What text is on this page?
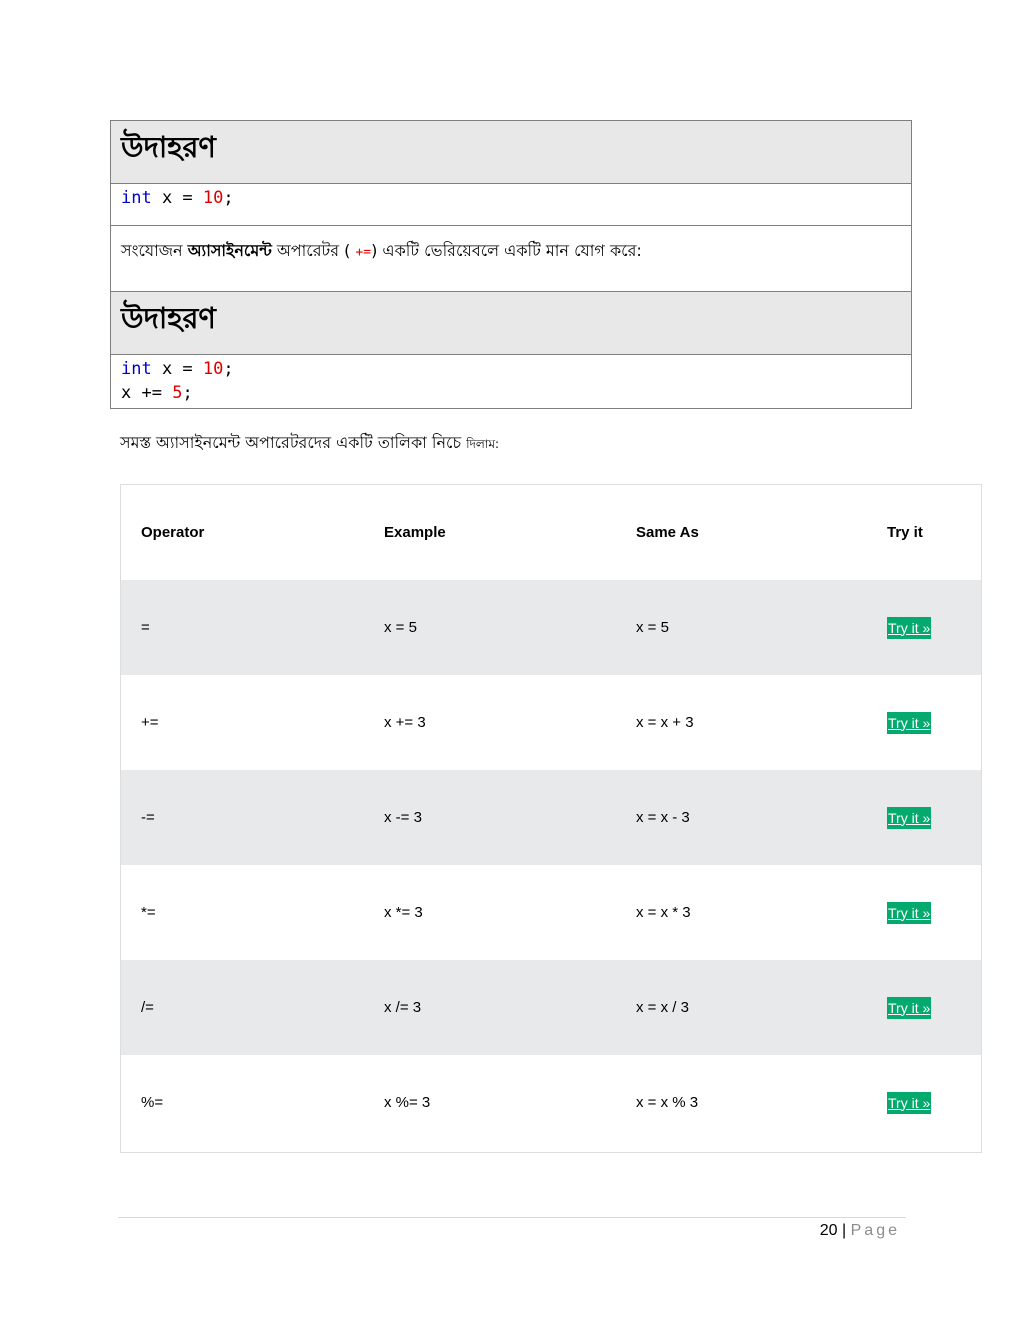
উদাহরণ
int x = 10;
সংযোজন অ্যাসাইনমেন্ট অপারেটর ( +=) একটি ভেরিয়েবলে একটি মান যোগ করে:
উদাহরণ
int x = 10;
x += 5;
সমস্ত অ্যাসাইনমেন্ট অপারেটরদের একটি তালিকা নিচে দিলাম:
Operator	Example	Same As	Try it
=	x = 5	x = 5	Try it »
+=	x += 3	x = x + 3	Try it »
-=	x -= 3	x = x - 3	Try it »
*=	x *= 3	x = x * 3	Try it »
/=	x /= 3	x = x / 3	Try it »
%=	x %= 3	x = x % 3	Try it »
20 | Page
